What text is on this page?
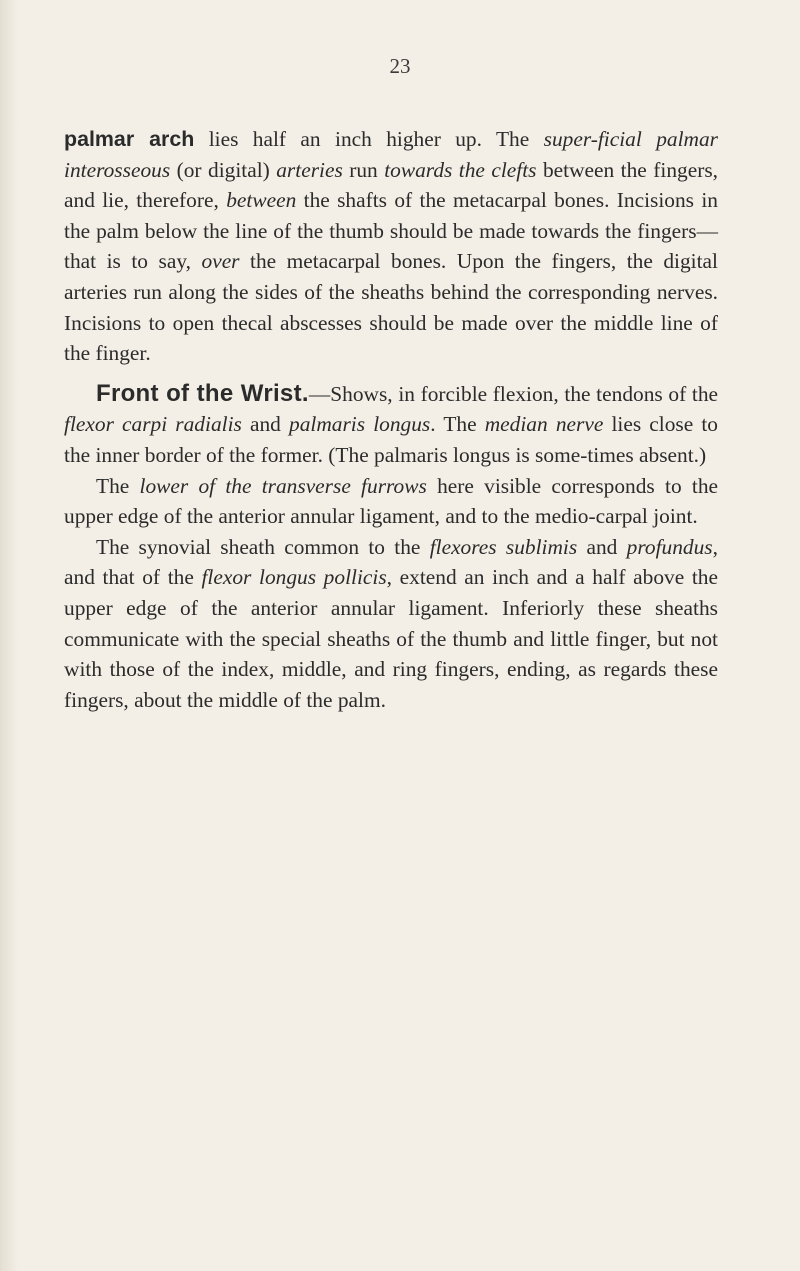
23

palmar arch lies half an inch higher up. The super-ficial palmar interosseous (or digital) arteries run towards the clefts between the fingers, and lie, therefore, between the shafts of the metacarpal bones. Incisions in the palm below the line of the thumb should be made towards the fingers—that is to say, over the metacarpal bones. Upon the fingers, the digital arteries run along the sides of the sheaths behind the corresponding nerves. Incisions to open thecal abscesses should be made over the middle line of the finger.

Front of the Wrist.—Shows, in forcible flexion, the tendons of the flexor carpi radialis and palmaris longus. The median nerve lies close to the inner border of the former. (The palmaris longus is some-times absent.)

The lower of the transverse furrows here visible corresponds to the upper edge of the anterior annular ligament, and to the medio-carpal joint.

The synovial sheath common to the flexores sublimis and profundus, and that of the flexor longus pollicis, extend an inch and a half above the upper edge of the anterior annular ligament. Inferiorly these sheaths communicate with the special sheaths of the thumb and little finger, but not with those of the index, middle, and ring fingers, ending, as regards these fingers, about the middle of the palm.
